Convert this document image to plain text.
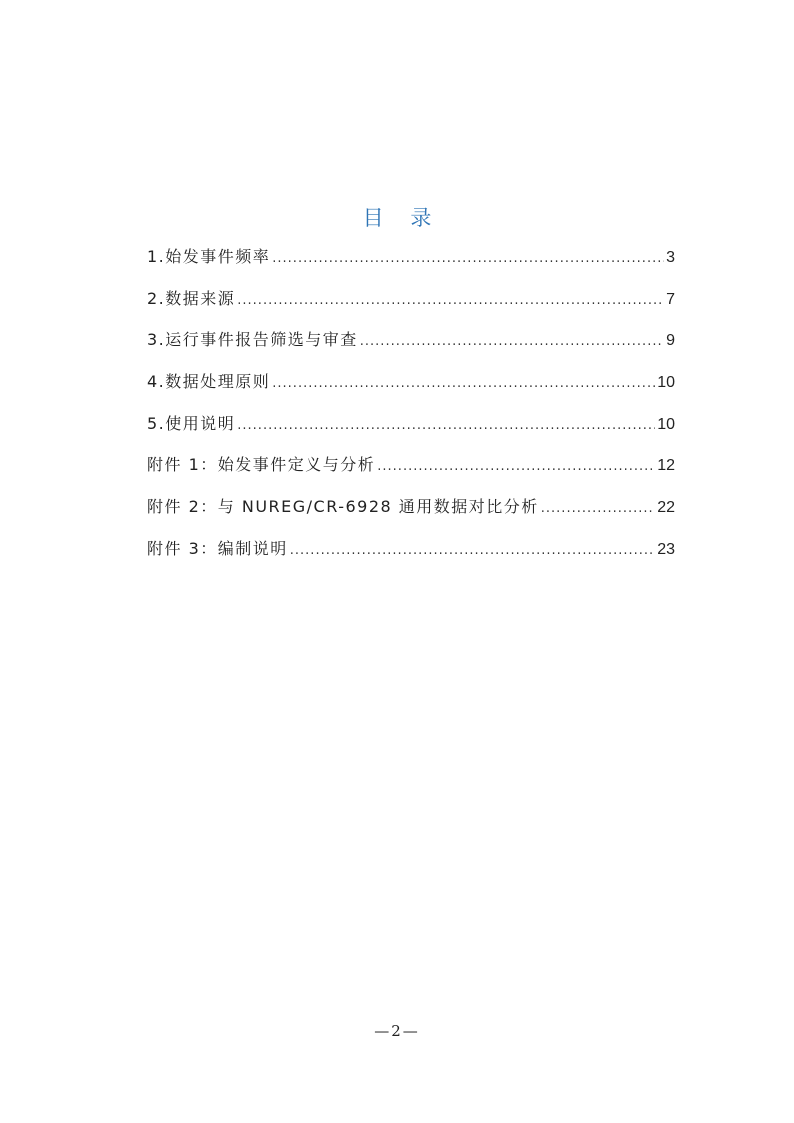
目 录
1.始发事件频率 .....	3
2.数据来源 .....	7
3.运行事件报告筛选与审查 .....	9
4.数据处理原则 .....	10
5.使用说明 .....	10
附件 1：始发事件定义与分析 .....	12
附件 2：与 NUREG/CR-6928 通用数据对比分析 .....	22
附件 3：编制说明 .....	23
—2—
